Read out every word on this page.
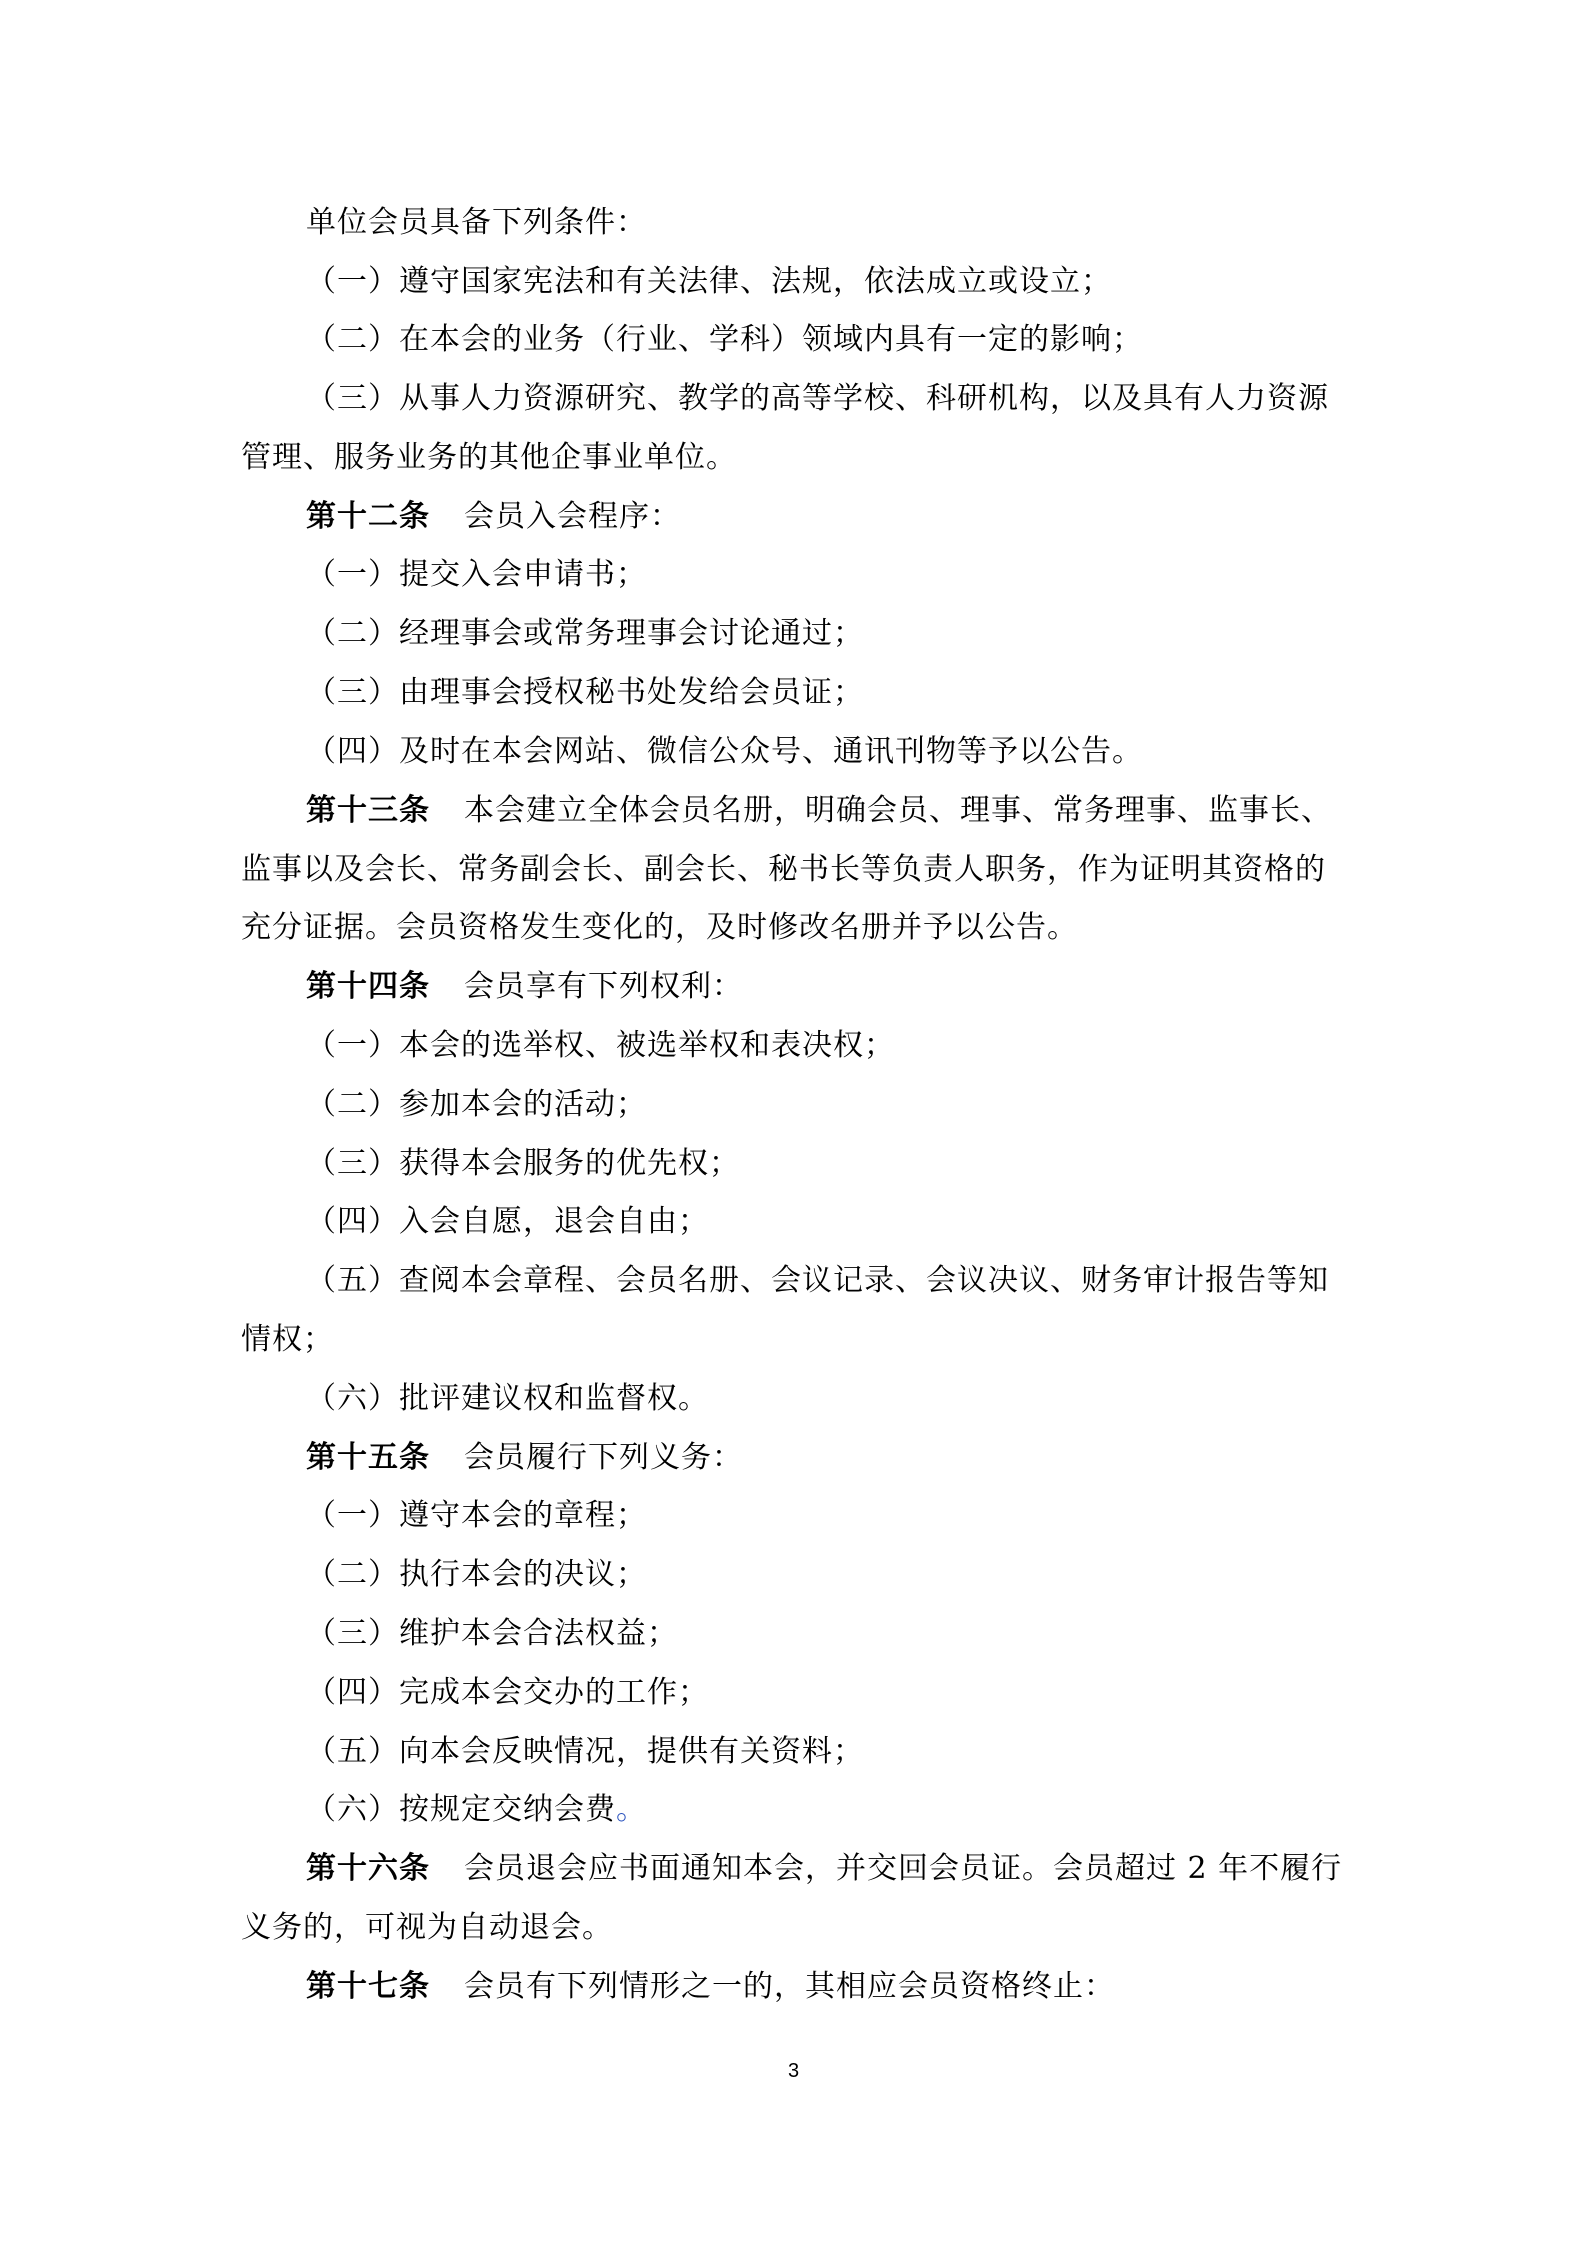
单位会员具备下列条件：
（一）遵守国家宪法和有关法律、法规，依法成立或设立；
（二）在本会的业务（行业、学科）领域内具有一定的影响；
（三）从事人力资源研究、教学的高等学校、科研机构，以及具有人力资源
管理、服务业务的其他企事业单位。
第十二条 会员入会程序：
（一）提交入会申请书；
（二）经理事会或常务理事会讨论通过；
（三）由理事会授权秘书处发给会员证；
（四）及时在本会网站、微信公众号、通讯刊物等予以公告。
第十三条 本会建立全体会员名册，明确会员、理事、常务理事、监事长、
监事以及会长、常务副会长、副会长、秘书长等负责人职务，作为证明其资格的
充分证据。会员资格发生变化的，及时修改名册并予以公告。
第十四条 会员享有下列权利：
（一）本会的选举权、被选举权和表决权；
（二）参加本会的活动；
（三）获得本会服务的优先权；
（四）入会自愿，退会自由；
（五）查阅本会章程、会员名册、会议记录、会议决议、财务审计报告等知
情权；
（六）批评建议权和监督权。
第十五条 会员履行下列义务：
（一）遵守本会的章程；
（二）执行本会的决议；
（三）维护本会合法权益；
（四）完成本会交办的工作；
（五）向本会反映情况，提供有关资料；
（六）按规定交纳会费。
第十六条 会员退会应书面通知本会，并交回会员证。会员超过 2 年不履行
义务的，可视为自动退会。
第十七条 会员有下列情形之一的，其相应会员资格终止：
3
